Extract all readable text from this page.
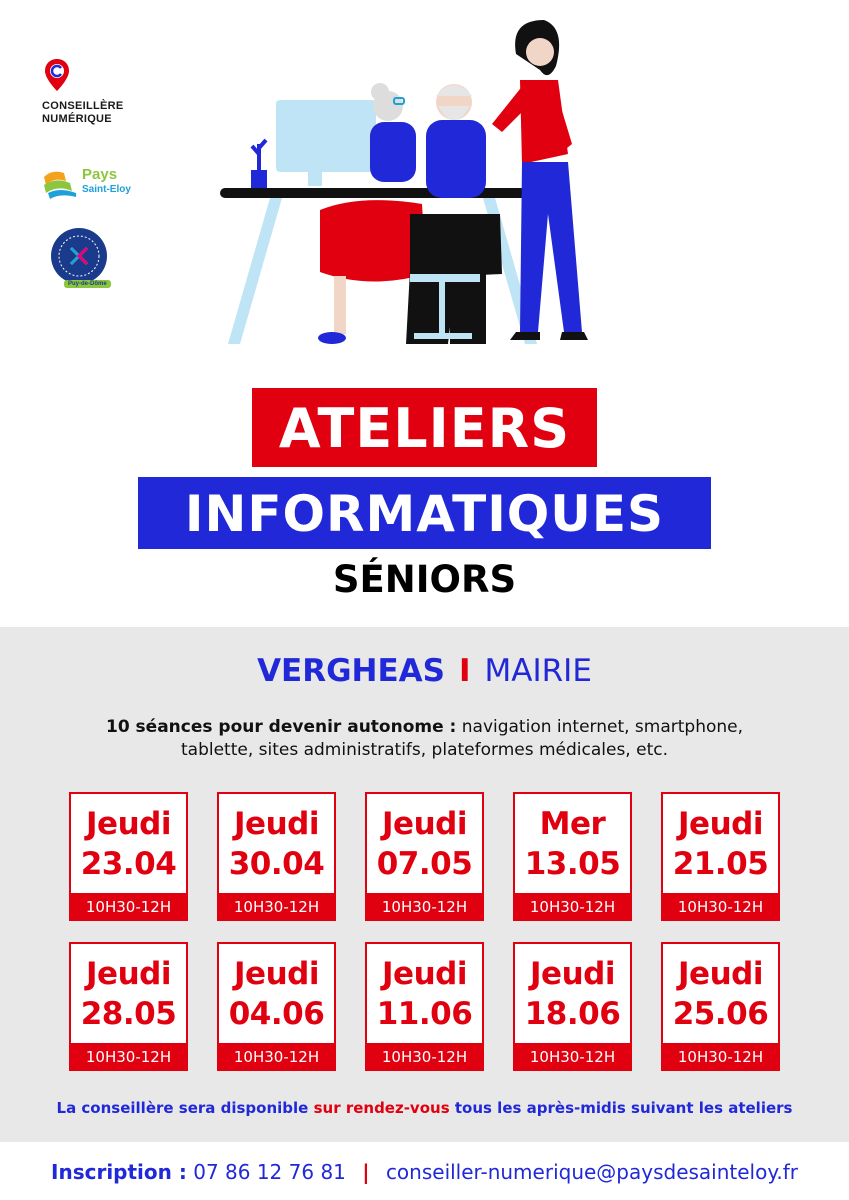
CONSEILLÈRE
NUMÉRIQUE
Pays
Saint-Eloy
Puy-de-Dôme
ATELIERS
INFORMATIQUES
SÉNIORS
VERGHEAS I MAIRIE
10 séances pour devenir autonome : navigation internet, smartphone,
tablette, sites administratifs, plateformes médicales, etc.
Jeudi
23.04
10H30-12H
Jeudi
30.04
10H30-12H
Jeudi
07.05
10H30-12H
Mer
13.05
10H30-12H
Jeudi
21.05
10H30-12H
Jeudi
28.05
10H30-12H
Jeudi
04.06
10H30-12H
Jeudi
11.06
10H30-12H
Jeudi
18.06
10H30-12H
Jeudi
25.06
10H30-12H
La conseillère sera disponible sur rendez-vous tous les après-midis suivant les ateliers
Inscription : 07 86 12 76 81 | conseiller-numerique@paysdesainteloy.fr
